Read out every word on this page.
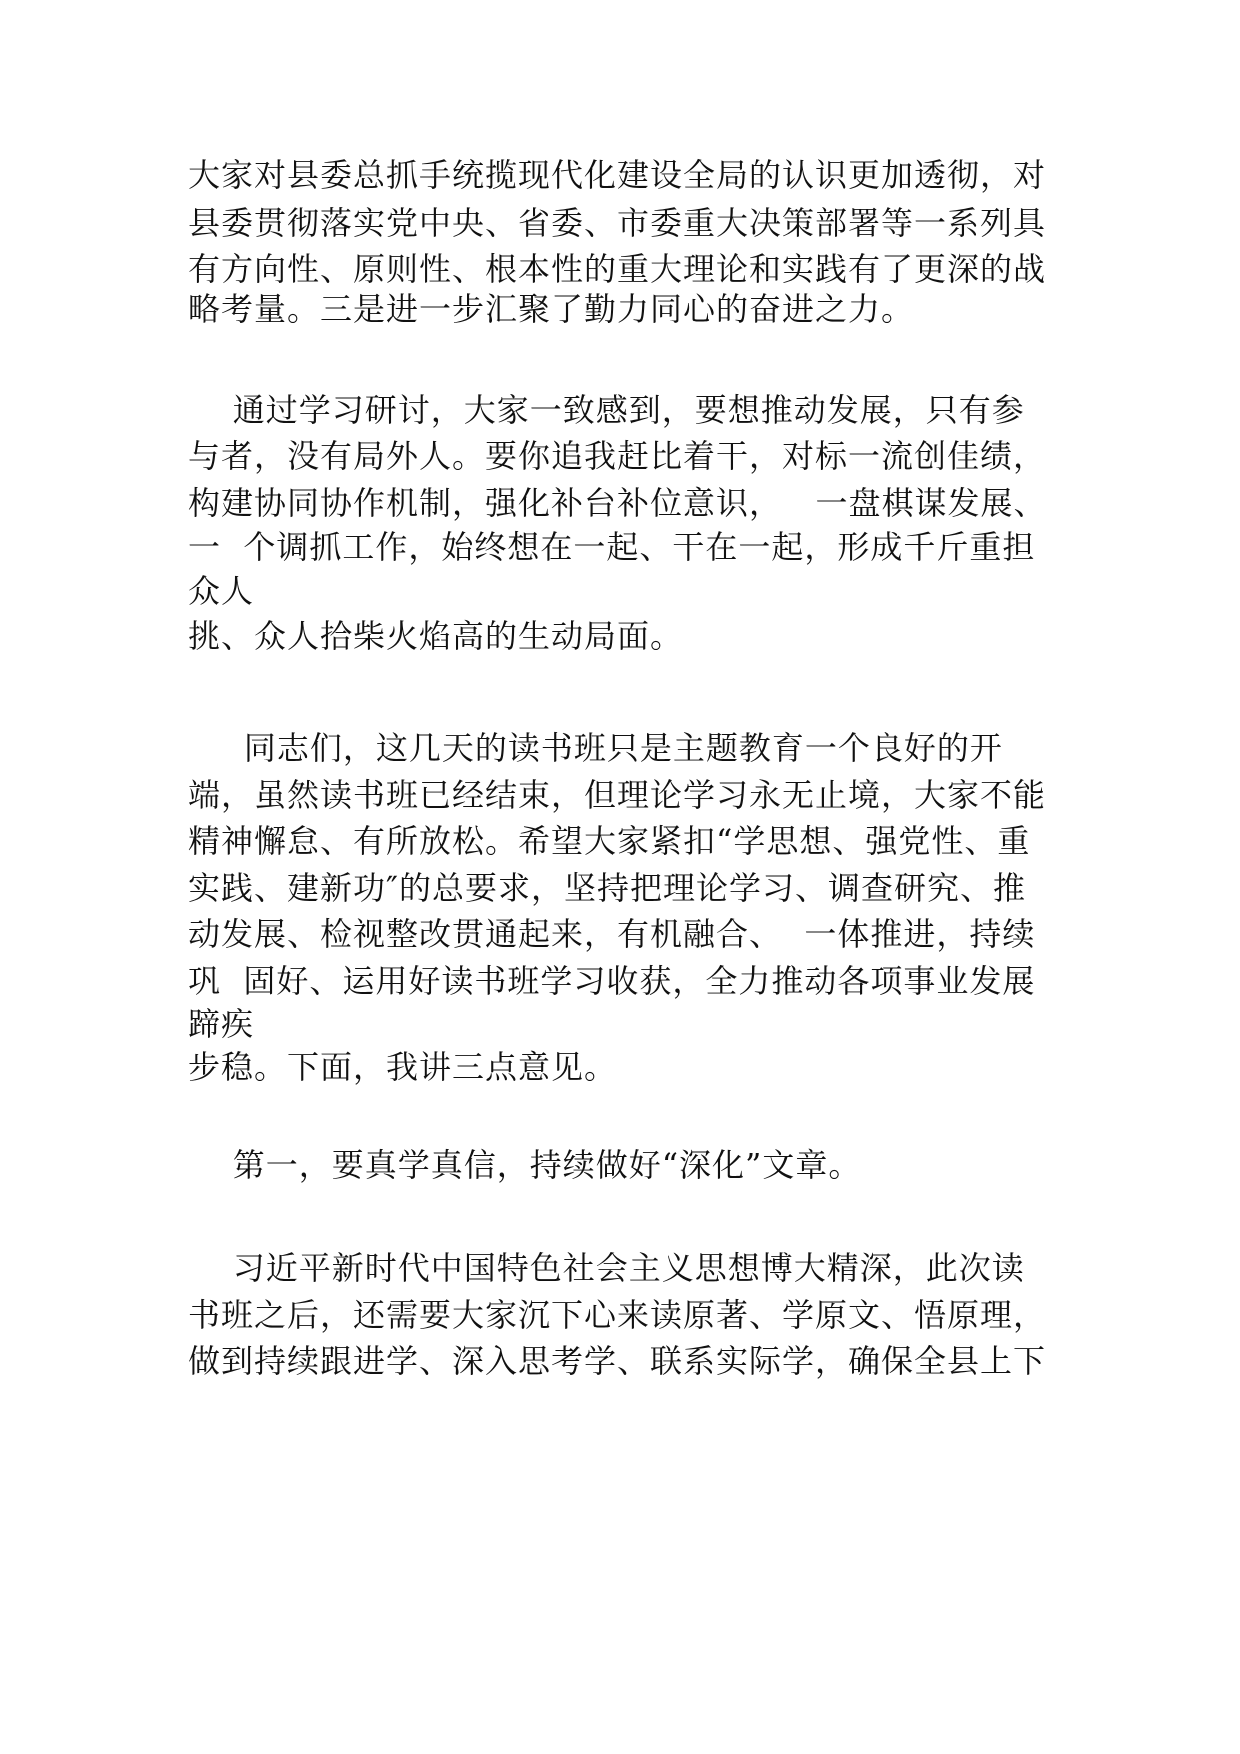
大家对县委总抓手统揽现代化建设全局的认识更加透彻，对

县委贯彻落实党中央、省委、市委重大决策部署等一系列具

有方向性、原则性、根本性的重大理论和实践有了更深的战

略考量。三是进一步汇聚了勤力同心的奋进之力。

通过学习研讨，大家一致感到，要想推动发展，只有参

与者，没有局外人。要你追我赶比着干，对标一流创佳绩，

构建协同协作机制，强化补台补位意识，   一盘棋谋发展、

一  个调抓工作，始终想在一起、干在一起，形成千斤重担

众人

挑、众人拾柴火焰高的生动局面。

同志们，这几天的读书班只是主题教育一个良好的开

端，虽然读书班已经结束，但理论学习永无止境，大家不能

精神懈怠、有所放松。希望大家紧扣“学思想、强党性、重

实践、建新功″的总要求，坚持把理论学习、调查研究、推

动发展、检视整改贯通起来，有机融合、  一体推进，持续

巩  固好、运用好读书班学习收获，全力推动各项事业发展

蹄疾

步稳。下面，我讲三点意见。

第一，要真学真信，持续做好“深化”文章。

习近平新时代中国特色社会主义思想博大精深，此次读

书班之后，还需要大家沉下心来读原著、学原文、悟原理，

做到持续跟进学、深入思考学、联系实际学，确保全县上下
